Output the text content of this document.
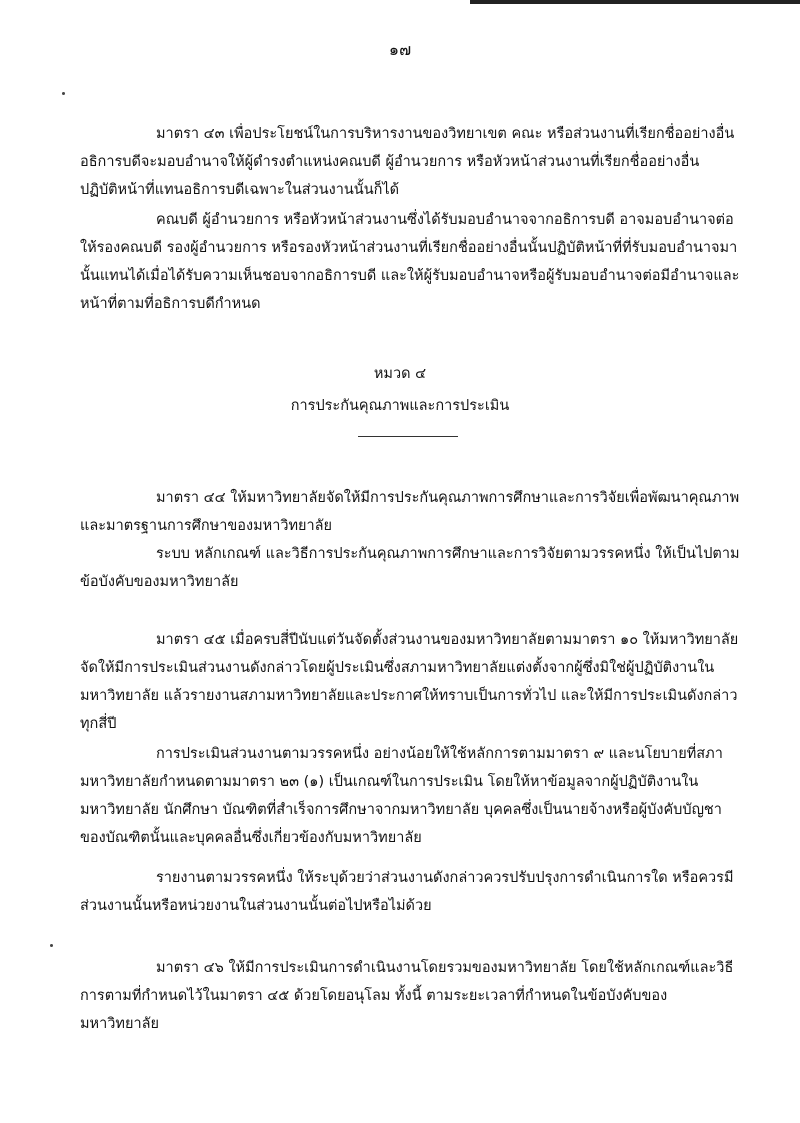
๑๗

มาตรา ๔๓ เพื่อประโยชน์ในการบริหารงานของวิทยาเขต คณะ หรือส่วนงานที่เรียกชื่ออย่างอื่น อธิการบดีจะมอบอำนาจให้ผู้ดำรงตำแหน่งคณบดี ผู้อำนวยการ หรือหัวหน้าส่วนงานที่เรียกชื่ออย่างอื่น ปฏิบัติหน้าที่แทนอธิการบดีเฉพาะในส่วนงานนั้นก็ได้

คณบดี ผู้อำนวยการ หรือหัวหน้าส่วนงานซึ่งได้รับมอบอำนาจจากอธิการบดี อาจมอบอำนาจต่อให้รองคณบดี รองผู้อำนวยการ หรือรองหัวหน้าส่วนงานที่เรียกชื่ออย่างอื่นนั้นปฏิบัติหน้าที่ที่รับมอบอำนาจมานั้นแทนได้เมื่อได้รับความเห็นชอบจากอธิการบดี และให้ผู้รับมอบอำนาจหรือผู้รับมอบอำนาจต่อมีอำนาจและหน้าที่ตามที่อธิการบดีกำหนด

หมวด ๔

การประกันคุณภาพและการประเมิน

มาตรา ๔๔ ให้มหาวิทยาลัยจัดให้มีการประกันคุณภาพการศึกษาและการวิจัยเพื่อพัฒนาคุณภาพและมาตรฐานการศึกษาของมหาวิทยาลัย

ระบบ หลักเกณฑ์ และวิธีการประกันคุณภาพการศึกษาและการวิจัยตามวรรคหนึ่ง ให้เป็นไปตามข้อบังคับของมหาวิทยาลัย

มาตรา ๔๕ เมื่อครบสี่ปีนับแต่วันจัดตั้งส่วนงานของมหาวิทยาลัยตามมาตรา ๑๐ ให้มหาวิทยาลัยจัดให้มีการประเมินส่วนงานดังกล่าวโดยผู้ประเมินซึ่งสภามหาวิทยาลัยแต่งตั้งจากผู้ซึ่งมิใช่ผู้ปฏิบัติงานในมหาวิทยาลัย แล้วรายงานสภามหาวิทยาลัยและประกาศให้ทราบเป็นการทั่วไป และให้มีการประเมินดังกล่าวทุกสี่ปี

การประเมินส่วนงานตามวรรคหนึ่ง อย่างน้อยให้ใช้หลักการตามมาตรา ๙ และนโยบายที่สภามหาวิทยาลัยกำหนดตามมาตรา ๒๓ (๑) เป็นเกณฑ์ในการประเมิน โดยให้หาข้อมูลจากผู้ปฏิบัติงานในมหาวิทยาลัย นักศึกษา บัณฑิตที่สำเร็จการศึกษาจากมหาวิทยาลัย บุคคลซึ่งเป็นนายจ้างหรือผู้บังคับบัญชาของบัณฑิตนั้นและบุคคลอื่นซึ่งเกี่ยวข้องกับมหาวิทยาลัย

รายงานตามวรรคหนึ่ง ให้ระบุด้วยว่าส่วนงานดังกล่าวควรปรับปรุงการดำเนินการใด หรือควรมีส่วนงานนั้นหรือหน่วยงานในส่วนงานนั้นต่อไปหรือไม่ด้วย

มาตรา ๔๖ ให้มีการประเมินการดำเนินงานโดยรวมของมหาวิทยาลัย โดยใช้หลักเกณฑ์และวิธีการตามที่กำหนดไว้ในมาตรา ๔๕ ด้วยโดยอนุโลม ทั้งนี้ ตามระยะเวลาที่กำหนดในข้อบังคับของมหาวิทยาลัย
